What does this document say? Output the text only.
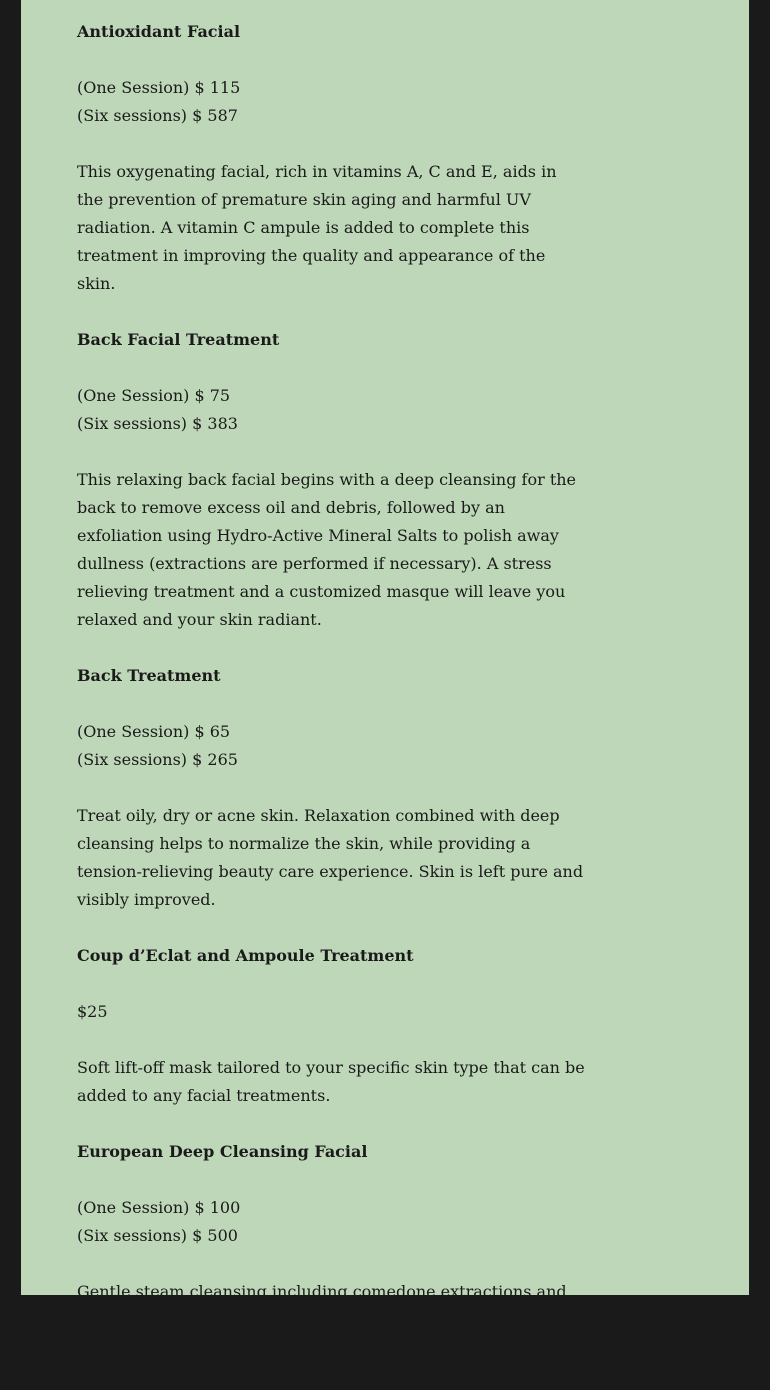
Antioxidant Facial

(One Session) $ 115
(Six sessions) $ 587

This oxygenating facial, rich in vitamins A, C and E, aids in the prevention of premature skin aging and harmful UV radiation. A vitamin C ampule is added to complete this treatment in improving the quality and appearance of the skin.

Back Facial Treatment

(One Session) $ 75
(Six sessions) $ 383

This relaxing back facial begins with a deep cleansing for the back to remove excess oil and debris, followed by an exfoliation using Hydro-Active Mineral Salts to polish away dullness (extractions are performed if necessary). A stress relieving treatment and a customized masque will leave you relaxed and your skin radiant.

Back Treatment

(One Session) $ 65
(Six sessions) $ 265

Treat oily, dry or acne skin. Relaxation combined with deep cleansing helps to normalize the skin, while providing a tension-relieving beauty care experience. Skin is left pure and visibly improved.

Coup d’Eclat and Ampoule Treatment

$25

Soft lift-off mask tailored to your specific skin type that can be added to any facial treatments.

European Deep Cleansing Facial

(One Session) $ 100
(Six sessions) $ 500

Gentle steam cleansing including comedone extractions and exfoliation of dead skin cells. An anti-stress massage and mask
